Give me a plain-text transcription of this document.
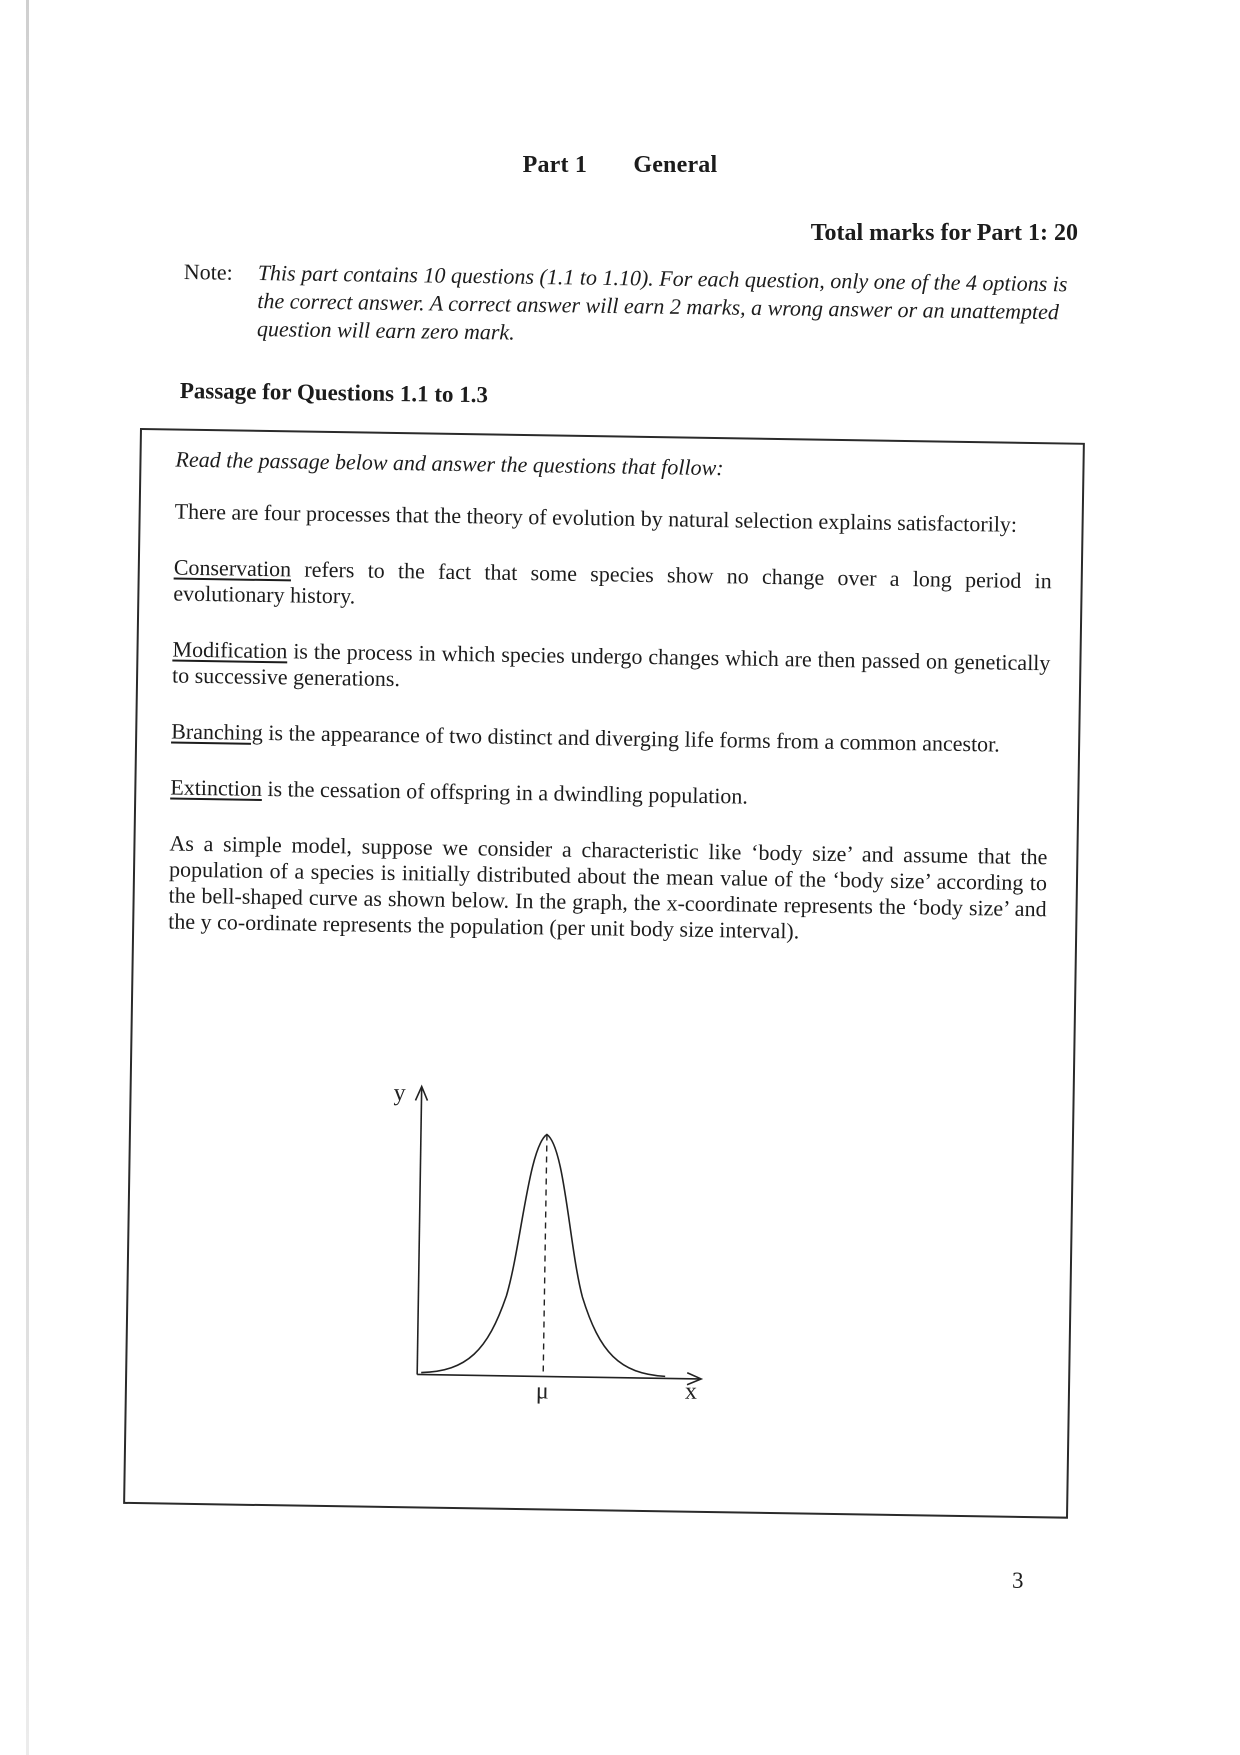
Part 1 General
Total marks for Part 1: 20
Note: This part contains 10 questions (1.1 to 1.10). For each question, only one of the 4 options is the correct answer. A correct answer will earn 2 marks, a wrong answer or an unattempted question will earn zero mark.
Passage for Questions 1.1 to 1.3

Read the passage below and answer the questions that follow:

There are four processes that the theory of evolution by natural selection explains satisfactorily:

Conservation refers to the fact that some species show no change over a long period in evolutionary history.

Modification is the process in which species undergo changes which are then passed on genetically to successive generations.

Branching is the appearance of two distinct and diverging life forms from a common ancestor.

Extinction is the cessation of offspring in a dwindling population.

As a simple model, suppose we consider a characteristic like ‘body size’ and assume that the population of a species is initially distributed about the mean value of the ‘body size’ according to the bell-shaped curve as shown below. In the graph, the x-coordinate represents the ‘body size’ and the y co-ordinate represents the population (per unit body size interval).

y
x
μ
3
